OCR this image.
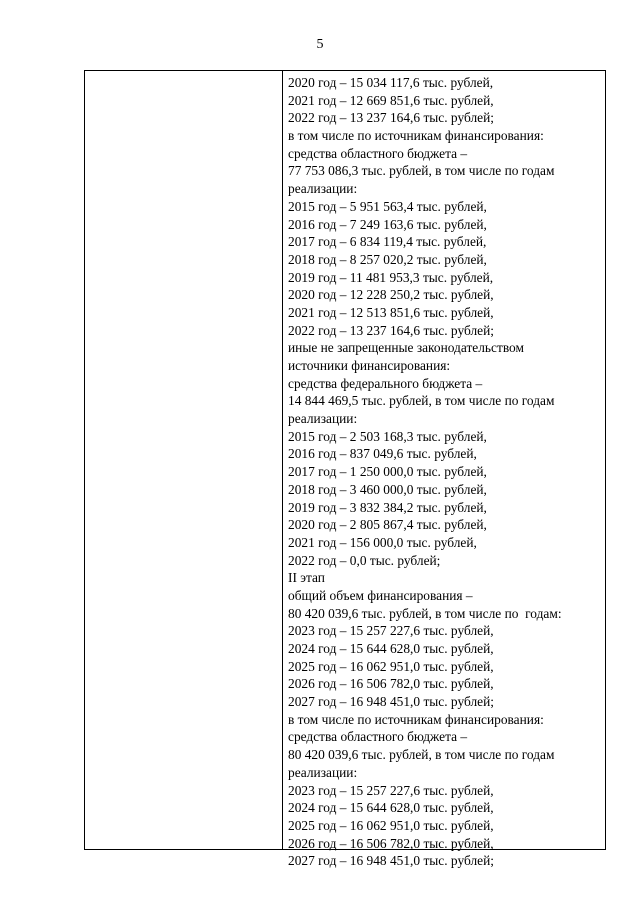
5
2020 год – 15 034 117,6 тыс. рублей,
2021 год – 12 669 851,6 тыс. рублей,
2022 год – 13 237 164,6 тыс. рублей;
в том числе по источникам финансирования:
средства областного бюджета –
77 753 086,3 тыс. рублей, в том числе по годам
реализации:
2015 год – 5 951 563,4 тыс. рублей,
2016 год – 7 249 163,6 тыс. рублей,
2017 год – 6 834 119,4 тыс. рублей,
2018 год – 8 257 020,2 тыс. рублей,
2019 год – 11 481 953,3 тыс. рублей,
2020 год – 12 228 250,2 тыс. рублей,
2021 год – 12 513 851,6 тыс. рублей,
2022 год – 13 237 164,6 тыс. рублей;
иные не запрещенные законодательством
источники финансирования:
средства федерального бюджета –
14 844 469,5 тыс. рублей, в том числе по годам
реализации:
2015 год – 2 503 168,3 тыс. рублей,
2016 год – 837 049,6 тыс. рублей,
2017 год – 1 250 000,0 тыс. рублей,
2018 год – 3 460 000,0 тыс. рублей,
2019 год – 3 832 384,2 тыс. рублей,
2020 год – 2 805 867,4 тыс. рублей,
2021 год – 156 000,0 тыс. рублей,
2022 год – 0,0 тыс. рублей;
II этап
общий объем финансирования –
80 420 039,6 тыс. рублей, в том числе по  годам:
2023 год – 15 257 227,6 тыс. рублей,
2024 год – 15 644 628,0 тыс. рублей,
2025 год – 16 062 951,0 тыс. рублей,
2026 год – 16 506 782,0 тыс. рублей,
2027 год – 16 948 451,0 тыс. рублей;
в том числе по источникам финансирования:
средства областного бюджета –
80 420 039,6 тыс. рублей, в том числе по годам
реализации:
2023 год – 15 257 227,6 тыс. рублей,
2024 год – 15 644 628,0 тыс. рублей,
2025 год – 16 062 951,0 тыс. рублей,
2026 год – 16 506 782,0 тыс. рублей,
2027 год – 16 948 451,0 тыс. рублей;
